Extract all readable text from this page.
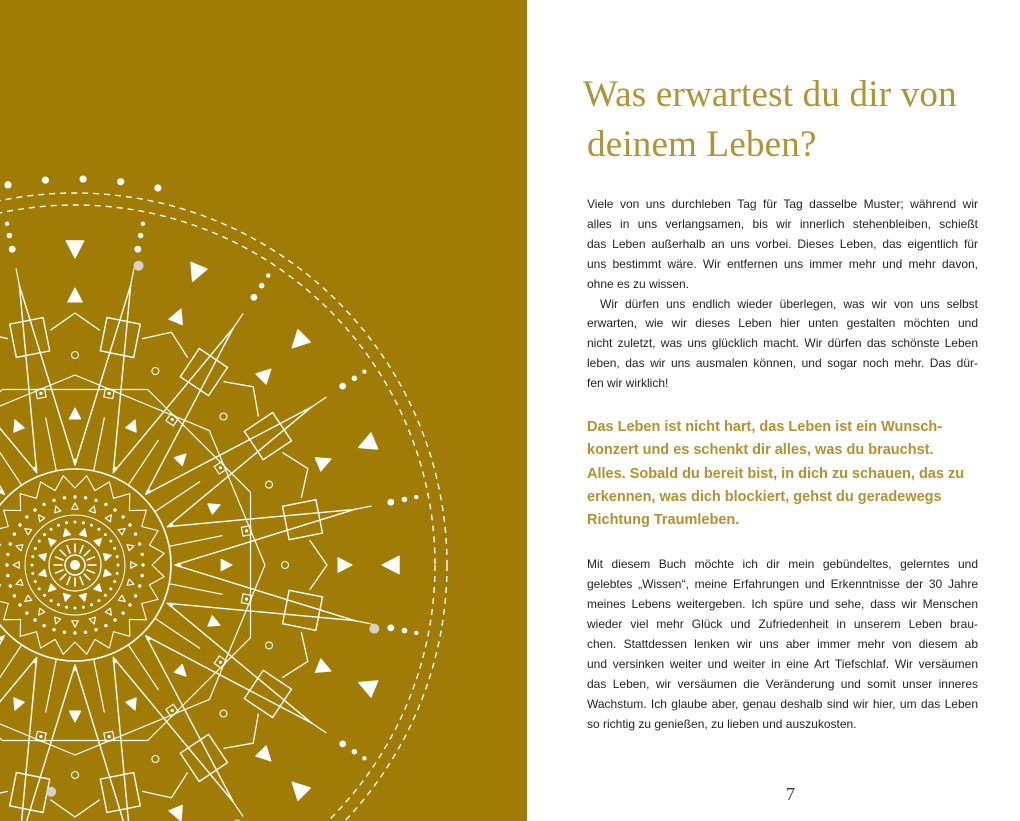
Was erwartest du dir von
deinem Leben?
Viele von uns durchleben Tag für Tag dasselbe Muster; während wir
alles in uns verlangsamen, bis wir innerlich stehenbleiben, schießt
das Leben außerhalb an uns vorbei. Dieses Leben, das eigentlich für
uns bestimmt wäre. Wir entfernen uns immer mehr und mehr davon,
ohne es zu wissen.
Wir dürfen uns endlich wieder überlegen, was wir von uns selbst
erwarten, wie wir dieses Leben hier unten gestalten möchten und
nicht zuletzt, was uns glücklich macht. Wir dürfen das schönste Leben
leben, das wir uns ausmalen können, und sogar noch mehr. Das dür-
fen wir wirklich!
Das Leben ist nicht hart, das Leben ist ein Wunsch-
konzert und es schenkt dir alles, was du brauchst.
Alles. Sobald du bereit bist, in dich zu schauen, das zu
erkennen, was dich blockiert, gehst du geradewegs
Richtung Traumleben.
Mit diesem Buch möchte ich dir mein gebündeltes, gelerntes und
gelebtes „Wissen“, meine Erfahrungen und Erkenntnisse der 30 Jahre
meines Lebens weitergeben. Ich spüre und sehe, dass wir Menschen
wieder viel mehr Glück und Zufriedenheit in unserem Leben brau-
chen. Stattdessen lenken wir uns aber immer mehr von diesem ab
und versinken weiter und weiter in eine Art Tiefschlaf. Wir versäumen
das Leben, wir versäumen die Veränderung und somit unser inneres
Wachstum. Ich glaube aber, genau deshalb sind wir hier, um das Leben
so richtig zu genießen, zu lieben und auszukosten.
7
